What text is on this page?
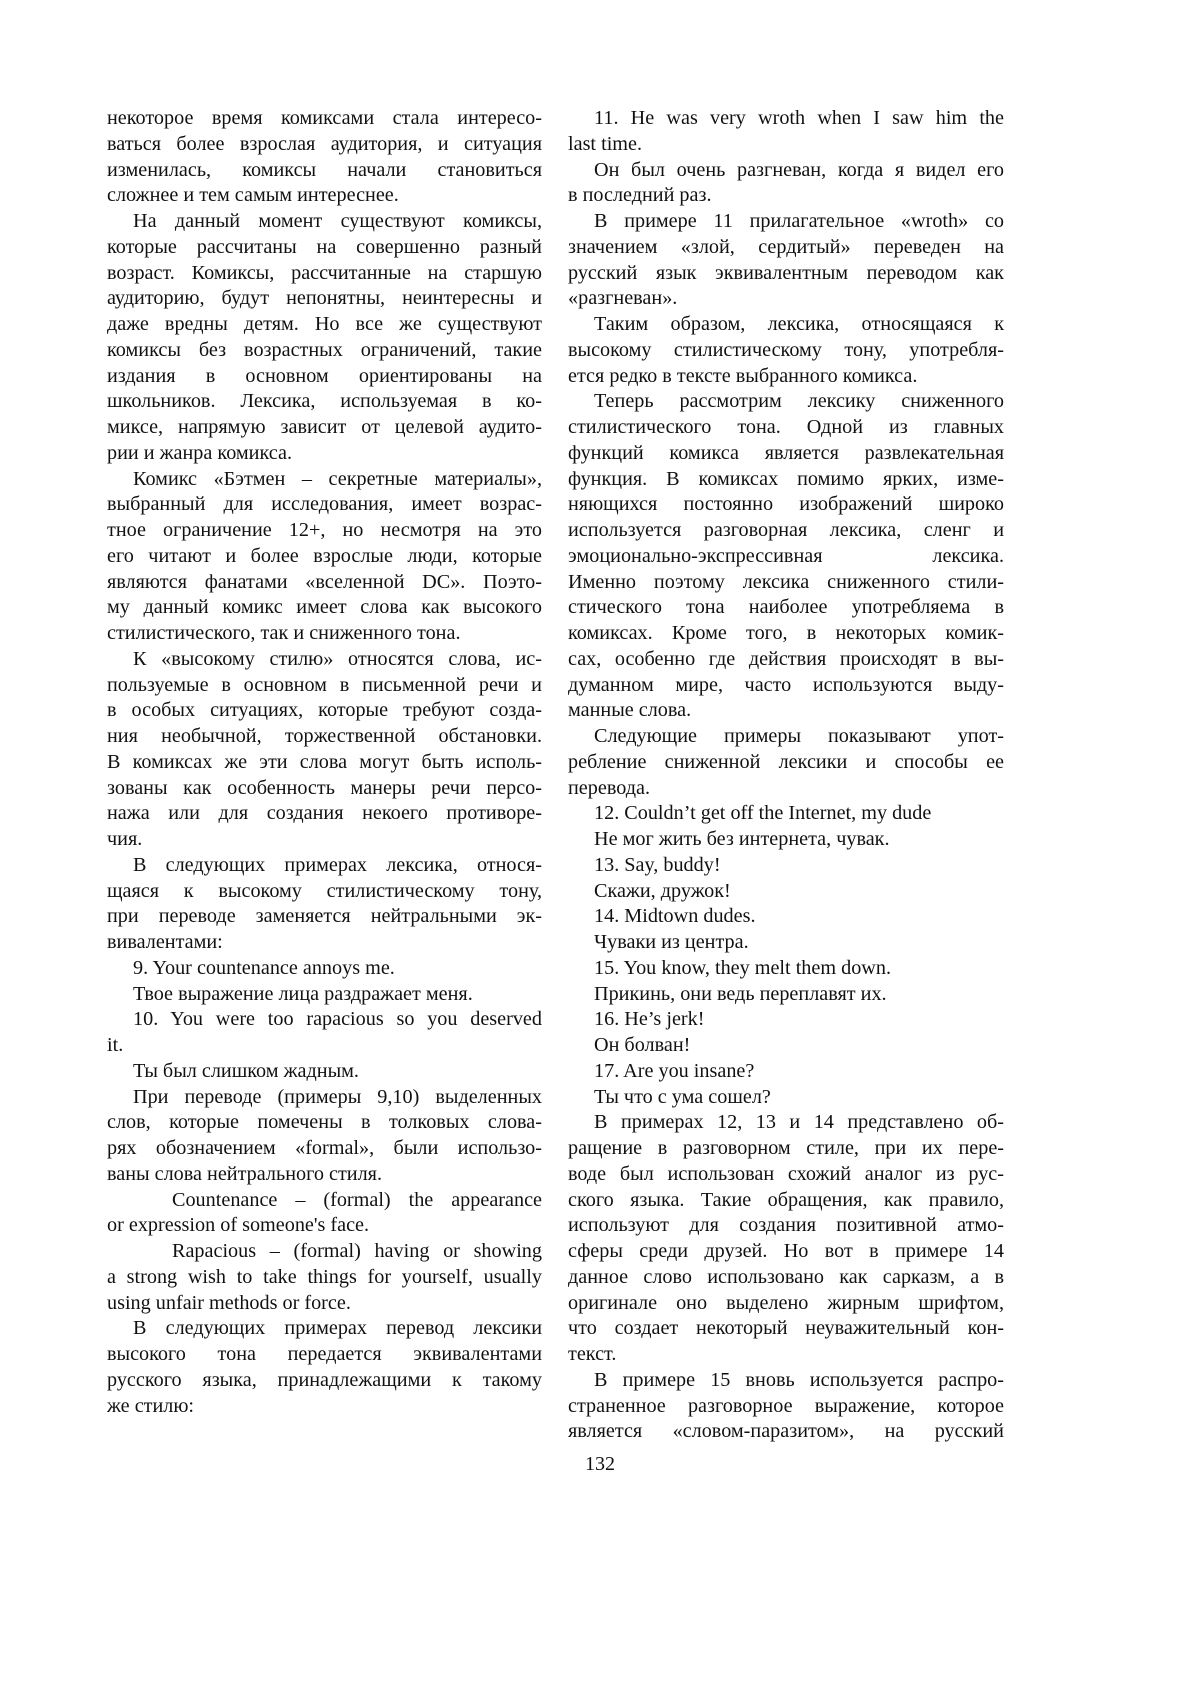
некоторое время комиксами стала интересо-
ваться более взрослая аудитория, и ситуация
изменилась, комиксы начали становиться
сложнее и тем самым интереснее.
На данный момент существуют комиксы,
которые рассчитаны на совершенно разный
возраст. Комиксы, рассчитанные на старшую
аудиторию, будут непонятны, неинтересны и
даже вредны детям. Но все же существуют
комиксы без возрастных ограничений, такие
издания в основном ориентированы на
школьников. Лексика, используемая в ко-
миксе, напрямую зависит от целевой аудито-
рии и жанра комикса.
Комикс «Бэтмен – секретные материалы»,
выбранный для исследования, имеет возрас-
тное ограничение 12+, но несмотря на это
его читают и более взрослые люди, которые
являются фанатами «вселенной DC». Поэто-
му данный комикс имеет слова как высокого
стилистического, так и сниженного тона.
К «высокому стилю» относятся слова, ис-
пользуемые в основном в письменной речи и
в особых ситуациях, которые требуют созда-
ния необычной, торжественной обстановки.
В комиксах же эти слова могут быть исполь-
зованы как особенность манеры речи персо-
нажа или для создания некоего противоре-
чия.
В следующих примерах лексика, относя-
щаяся к высокому стилистическому тону,
при переводе заменяется нейтральными эк-
вивалентами:
9. Your countenance annoys me.
Твое выражение лица раздражает меня.
10. You were too rapacious so you deserved
it.
Ты был слишком жадным.
При переводе (примеры 9,10) выделенных
слов, которые помечены в толковых слова-
рях обозначением «formal», были использо-
ваны слова нейтрального стиля.
Countenance – (formal) the appearance
or expression of someone's face.
Rapacious – (formal) having or showing
a strong wish to take things for yourself, usually
using unfair methods or force.
В следующих примерах перевод лексики
высокого тона передается эквивалентами
русского языка, принадлежащими к такому
же стилю:
11. He was very wroth when I saw him the
last time.
Он был очень разгневан, когда я видел его
в последний раз.
В примере 11 прилагательное «wroth» со
значением «злой, сердитый» переведен на
русский язык эквивалентным переводом как
«разгневан».
Таким образом, лексика, относящаяся к
высокому стилистическому тону, употребля-
ется редко в тексте выбранного комикса.
Теперь рассмотрим лексику сниженного
стилистического тона. Одной из главных
функций комикса является развлекательная
функция. В комиксах помимо ярких, изме-
няющихся постоянно изображений широко
используется разговорная лексика, сленг и
эмоционально-экспрессивная лексика.
Именно поэтому лексика сниженного стили-
стического тона наиболее употребляема в
комиксах. Кроме того, в некоторых комик-
сах, особенно где действия происходят в вы-
думанном мире, часто используются выду-
манные слова.
Следующие примеры показывают упот-
ребление сниженной лексики и способы ее
перевода.
12. Couldn’t get off the Internet, my dude
Не мог жить без интернета, чувак.
13. Say, buddy!
Скажи, дружок!
14. Midtown dudes.
Чуваки из центра.
15. You know, they melt them down.
Прикинь, они ведь переплавят их.
16. He’s jerk!
Он болван!
17. Are you insane?
Ты что с ума сошел?
В примерах 12, 13 и 14 представлено об-
ращение в разговорном стиле, при их пере-
воде был использован схожий аналог из рус-
ского языка. Такие обращения, как правило,
используют для создания позитивной атмо-
сферы среди друзей. Но вот в примере 14
данное слово использовано как сарказм, а в
оригинале оно выделено жирным шрифтом,
что создает некоторый неуважительный кон-
текст.
В примере 15 вновь используется распро-
страненное разговорное выражение, которое
является «словом-паразитом», на русский
132
